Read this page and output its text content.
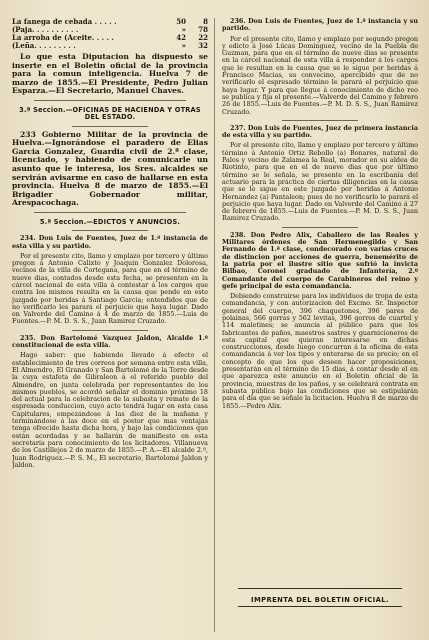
La fanega de cebada . . . . .	50	8
(Paja. . . . . . . . . .	»	78
La arroba de (Aceite. . . . .	42	22
(Leña. . . . . . . . .	»	32

Lo que esta Diputacion ha dispuesto se inserte en el Boletin oficial de la provincia para la comun inteligencia. Huelva 7 de marzo de 1855.—El Presidente, Pedro Julian Esparza.—El Secretario, Manuel Chaves.

3.ª Seccion.—OFICINAS DE HACIENDA Y OTRAS DEL ESTADO.

233 Gobierno Militar de la provincia de Huelva.—Ignorándose el paradero de Elias Garcia Gonzalez, Guardia civil de 2.ª clase, licenciado, y habiendo de comunicarle un asunto que le interesa, los Sres. alcaldes se servirán avisarme en caso de hallarse en esta provincia. Huelva 8 de marzo de 1855.—El Brigadier Gobernador militar, Arespacochaga.

5.ª Seccion.—EDICTOS Y ANUNCIOS.

234. Don Luis de Fuentes, Juez de 1.ª instancia de esta villa y su partido.

Por el presente cito, llamo y emplazo por tercero y último pregon á Antonio Calixto y Joaquin Gonzalez Dolorosa, vecinos de la villa de Cortegana, para que en el término de nueve dias, contados desde esta fecha, se presenten en la cárcel nacional de esta villa á contestar á los cargos que contra los mismos resulta en la causa que pende en este juzgado por heridas á Santiago Garcia; entendidos que de no verificarlo les parará el perjuicio que haya lugar. Dado en Valverde del Camino á 4 de marzo de 1855.—Luis de Fuentes.—P. M. D. S. S., Juan Ramirez Cruzado.

235. Don Bartolomé Vazquez Jaldon, Alcalde 1.º constitucional de esta villa.

Hago saber: que habiendo llevado á efecto el establecimiento de tres correos por semana entre esta villa, El Almendro, El Granado y San Bartolomé de la Torre desde la cuya estafeta de Gibraleon á el referido pueblo del Almendro, en junta celebrada por representantes de los mismos pueblos, se acordó señalar el dominio próximo 18 del actual para la celebracion de la subasta y remate de la espresada conduccion, cuyo acto tendrá lugar en esta casa Capitulares, empezándose á las diez de la mañana y terminándose á las doce en el postor que mas ventajas tenga ofrecido hasta dicha hora, y bajo las condiciones que están acordadas y se hallarán de manifiesto en esta secretaría para conocimiento de los licitadores. Villanueva de los Castillejos 2 de marzo de 1855.—P. A.—El alcalde 2.º, Juan Rodriguez.—P. S. M., El secretario, Bartolomé Jaldon y Jaldon.

236. Don Luis de Fuentes, Juez de 1.ª instancia y su partido.

Por el presente cito, llamo y emplazo por segundo pregon y edicto á José Lúcas Dominguez, vecino de la Puebla de Guzman, para que en el término de nueve dias se presente en la cárcel nacional de esta villa á responder á los cargos que le resultan en la causa que se le sigue por heridas á Francisco Macias, su convecino, apercibido que de no verificarlo el espresado término le parará el perjuicio que haya lugar. Y para que llegue á conocimiento de dicho reo se publica y fija el presente.—Valverde del Camino y febrero 26 de 1855.—Luis de Fuentes.—P. M. D. S. S., Juan Ramirez Cruzado.

237. Don Luis de Fuentes, Juez de primera instancia de esta villa y su partido.

Por el presente cito, llamo y emplazo por tercero y último término á Antonio Ortiz Rebollo (a) Bonares, natural de Palos y vecino de Zalamea la Real, morador en su aldea de Riotinto, para que en el de nueve dias que por último término se le señala, se presente en la escribanía del actuario para la práctica de ciertas diligencias en la causa que se le sigue en este juzgado por heridas á Antonio Hernandez (a) Pantaleon; pues de no verificarlo le parará el perjuicio que haya lugar. Dado en Valverde del Camino á 27 de febrero de 1855.—Luis de Fuentes.—P. M. D. S. S., Juan Ramirez Cruzado.

238. Don Pedro Alix, Caballero de las Reales y Militares órdenes de San Hermenegildo y San Fernando de 1.ª clase, condecorado con varias cruces de distincion por acciones de guerra, benemérito de la patria por el ilustre sitio que sufrió la invicta Bilbao, Coronel graduado de Infantería, 2.º Comandante del cuerpo de Carabineros del reino y gefe principal de esta comandancia.

Debiendo construirse para los individuos de tropa de esta comandancia, y con autorizacion del Excmo. Sr. Inspector general del cuerpo, 396 chaquetones, 396 pares de polainas, 566 gorras y 562 levitas, 396 gorros de cuartel y 114 maletines; se anuncia al público para que los fabricantes de paños, maestros sastres y guarnicioneros de esta capital que quieran interesarse en dichas construcciones, desde luego concurran á la oficina de esta comandancia á ver los tipos y enterarse de su precio; en el concepto de que los que deseen hacer proposiciones, presentarán en el término de 15 días, á contar desde el en que aparezca este anuncio en el Boletin oficial de la provincia, muestras de los paños, y se celebrará contrata en subasta pública bajo las condiciones que se estipularán para el dia que se señale la licitacion. Huelva 8 de marzo de 1855.—Pedro Alix.

IMPRENTA DEL BOLETIN OFICIAL.
